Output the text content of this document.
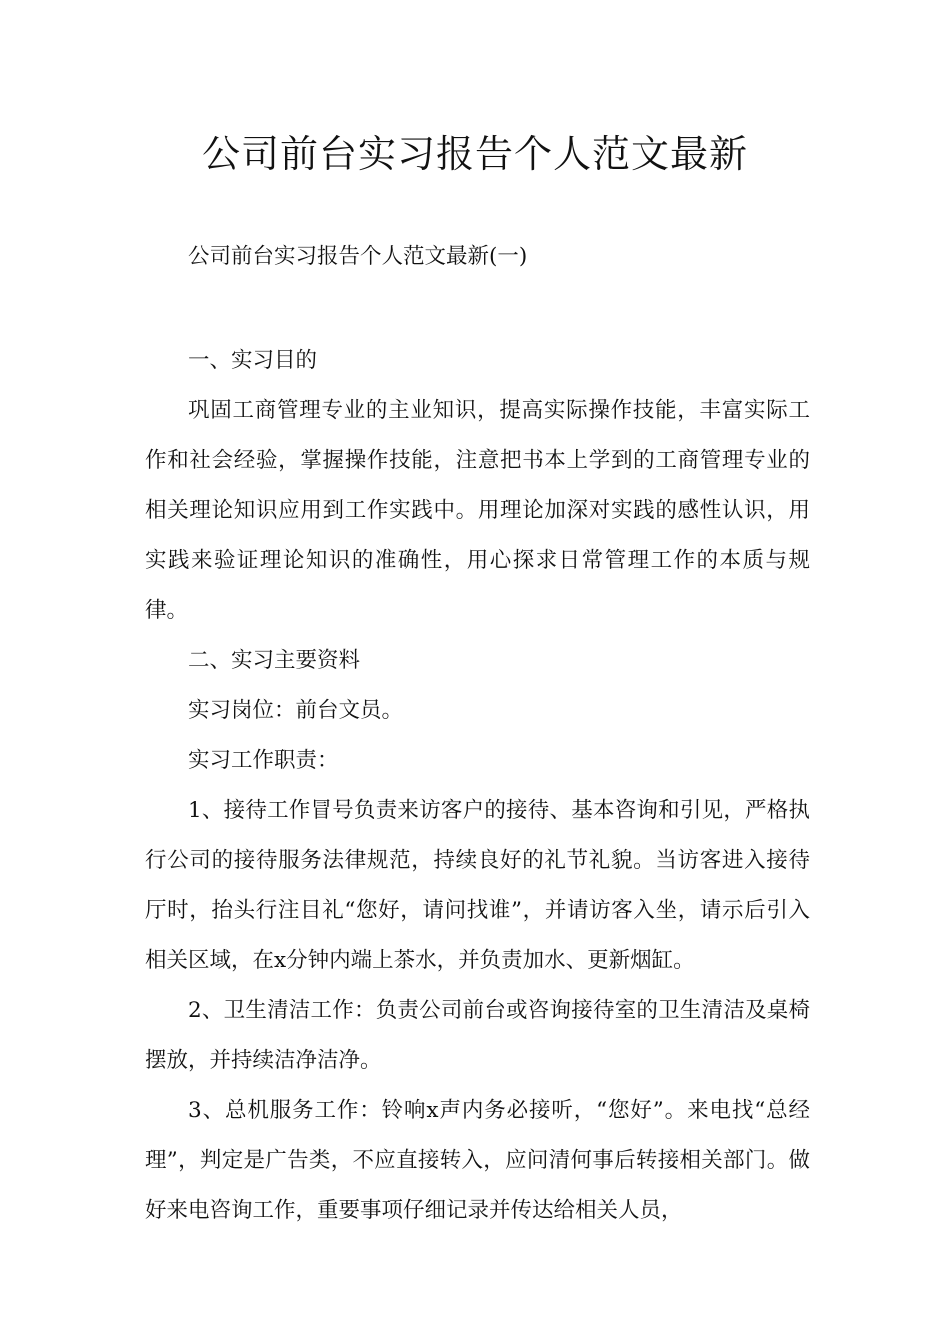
公司前台实习报告个人范文最新

公司前台实习报告个人范文最新(一)

一、实习目的

巩固工商管理专业的主业知识，提高实际操作技能，丰富实际工作和社会经验，掌握操作技能，注意把书本上学到的工商管理专业的相关理论知识应用到工作实践中。用理论加深对实践的感性认识，用实践来验证理论知识的准确性，用心探求日常管理工作的本质与规律。

二、实习主要资料

实习岗位：前台文员。

实习工作职责：

1、接待工作冒号负责来访客户的接待、基本咨询和引见，严格执行公司的接待服务法律规范，持续良好的礼节礼貌。当访客进入接待厅时，抬头行注目礼“您好，请问找谁”，并请访客入坐，请示后引入相关区域，在x分钟内端上茶水，并负责加水、更新烟缸。

2、卫生清洁工作：负责公司前台或咨询接待室的卫生清洁及桌椅摆放，并持续洁净洁净。

3、总机服务工作：铃响x声内务必接听，“您好”。来电找“总经理”，判定是广告类，不应直接转入，应问清何事后转接相关部门。做好来电咨询工作，重要事项仔细记录并传达给相关人员，
